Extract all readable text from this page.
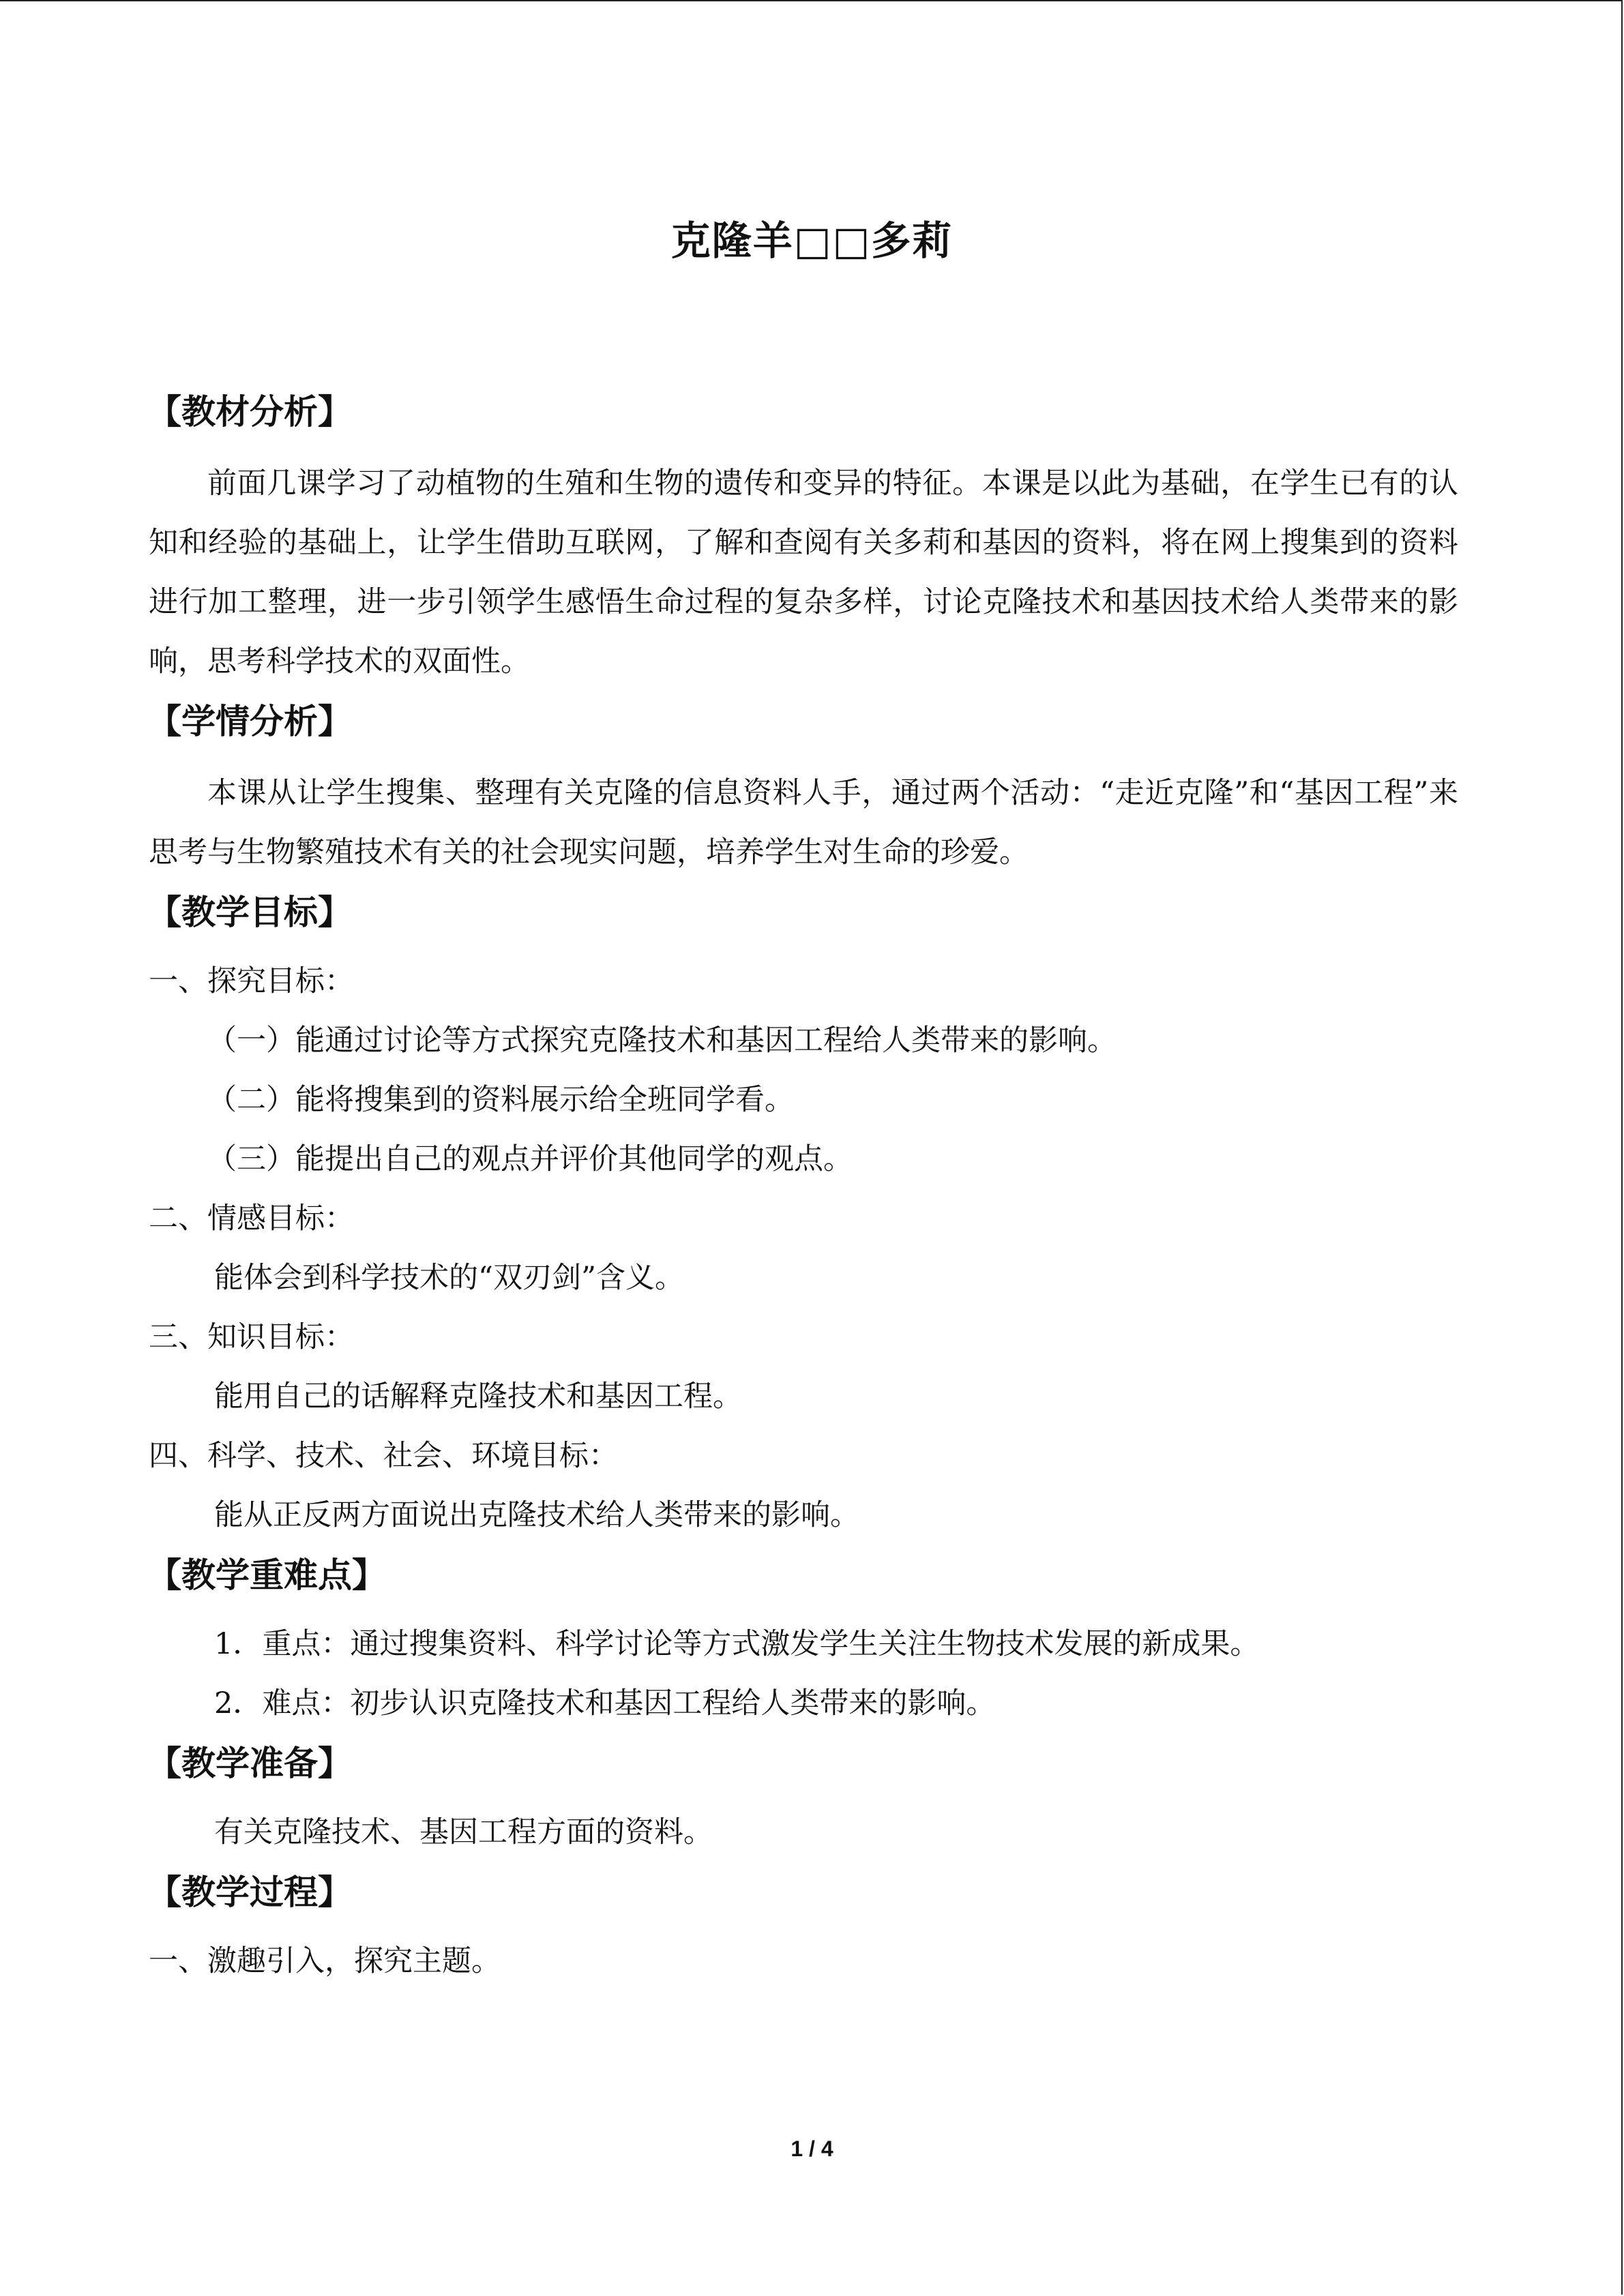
克隆羊□□多莉
【教材分析】

前面几课学习了动植物的生殖和生物的遗传和变异的特征。本课是以此为基础，在学生已有的认知和经验的基础上，让学生借助互联网，了解和查阅有关多莉和基因的资料，将在网上搜集到的资料进行加工整理，进一步引领学生感悟生命过程的复杂多样，讨论克隆技术和基因技术给人类带来的影响，思考科学技术的双面性。

【学情分析】

本课从让学生搜集、整理有关克隆的信息资料人手，通过两个活动：“走近克隆”和“基因工程”来思考与生物繁殖技术有关的社会现实问题，培养学生对生命的珍爱。

【教学目标】
一、探究目标：
（一）能通过讨论等方式探究克隆技术和基因工程给人类带来的影响。
（二）能将搜集到的资料展示给全班同学看。
（三）能提出自己的观点并评价其他同学的观点。
二、情感目标：
能体会到科学技术的“双刃剑”含义。
三、知识目标：
能用自己的话解释克隆技术和基因工程。
四、科学、技术、社会、环境目标：
能从正反两方面说出克隆技术给人类带来的影响。
【教学重难点】
1．重点：通过搜集资料、科学讨论等方式激发学生关注生物技术发展的新成果。
2．难点：初步认识克隆技术和基因工程给人类带来的影响。
【教学准备】
有关克隆技术、基因工程方面的资料。
【教学过程】
一、激趣引入，探究主题。
1 / 4
